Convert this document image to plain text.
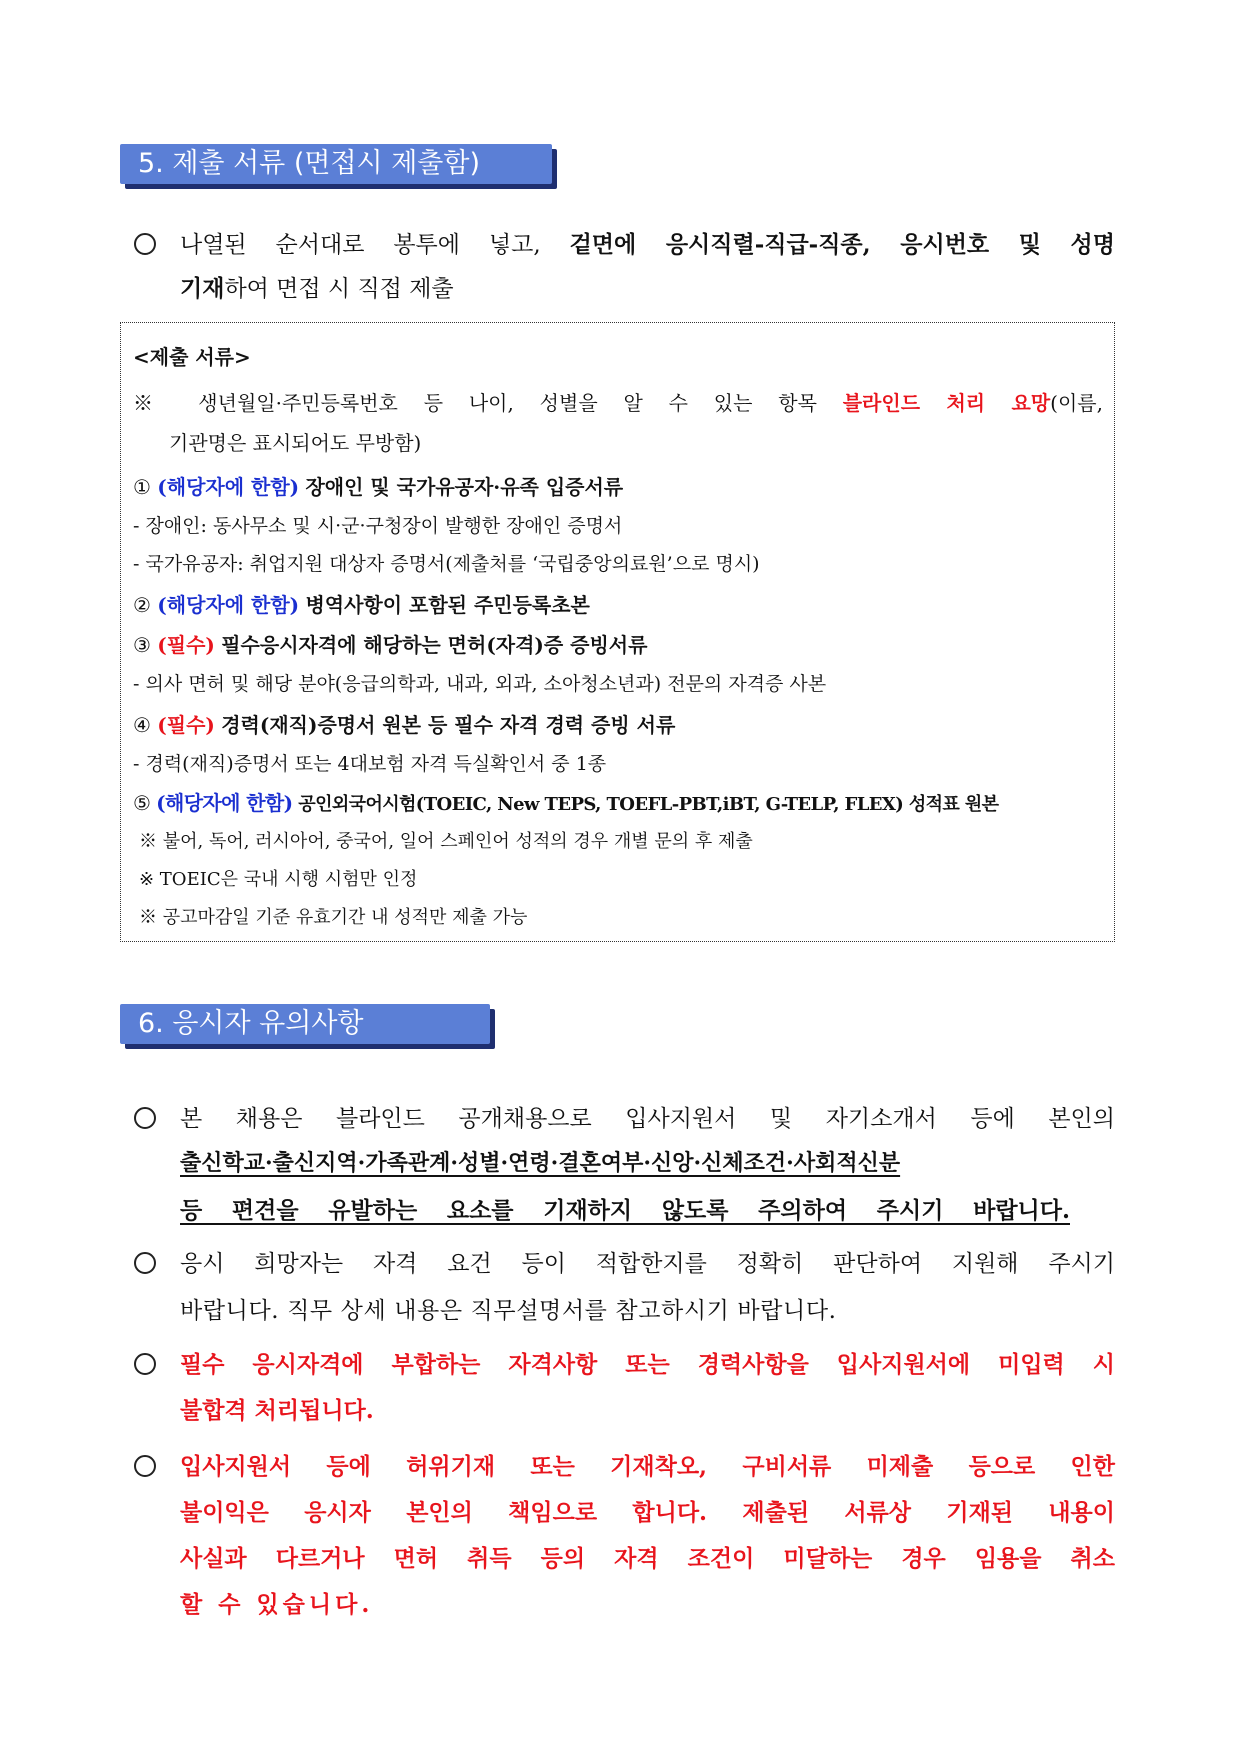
5. 제출 서류 (면접시 제출함)
나열된 순서대로 봉투에 넣고, 겉면에 응시직렬-직급-직종, 응시번호 및 성명
기재하여 면접 시 직접 제출
<제출 서류>
※ 생년월일·주민등록번호 등 나이, 성별을 알 수 있는 항목 블라인드 처리 요망(이름,
기관명은 표시되어도 무방함)
① (해당자에 한함) 장애인 및 국가유공자·유족 입증서류
- 장애인: 동사무소 및 시·군·구청장이 발행한 장애인 증명서
- 국가유공자: 취업지원 대상자 증명서(제출처를 ‘국립중앙의료원’으로 명시)
② (해당자에 한함) 병역사항이 포함된 주민등록초본
③ (필수) 필수응시자격에 해당하는 면허(자격)증 증빙서류
- 의사 면허 및 해당 분야(응급의학과, 내과, 외과, 소아청소년과) 전문의 자격증 사본
④ (필수) 경력(재직)증명서 원본 등 필수 자격 경력 증빙 서류
- 경력(재직)증명서 또는 4대보험 자격 득실확인서 중 1종
⑤ (해당자에 한함) 공인외국어시험(TOEIC, New TEPS, TOEFL-PBT,iBT, G-TELP, FLEX) 성적표 원본
※ 불어, 독어, 러시아어, 중국어, 일어 스페인어 성적의 경우 개별 문의 후 제출
※ TOEIC은 국내 시행 시험만 인정
※ 공고마감일 기준 유효기간 내 성적만 제출 가능
6. 응시자 유의사항
본 채용은 블라인드 공개채용으로 입사지원서 및 자기소개서 등에 본인의
출신학교·출신지역·가족관계·성별·연령·결혼여부·신앙·신체조건·사회적신분
등 편견을 유발하는 요소를 기재하지 않도록 주의하여 주시기 바랍니다.
응시 희망자는 자격 요건 등이 적합한지를 정확히 판단하여 지원해 주시기
바랍니다. 직무 상세 내용은 직무설명서를 참고하시기 바랍니다.
필수 응시자격에 부합하는 자격사항 또는 경력사항을 입사지원서에 미입력 시
불합격 처리됩니다.
입사지원서 등에 허위기재 또는 기재착오, 구비서류 미제출 등으로 인한
불이익은 응시자 본인의 책임으로 합니다. 제출된 서류상 기재된 내용이
사실과 다르거나 면허 취득 등의 자격 조건이 미달하는 경우 임용을 취소
할 수 있습니다.
